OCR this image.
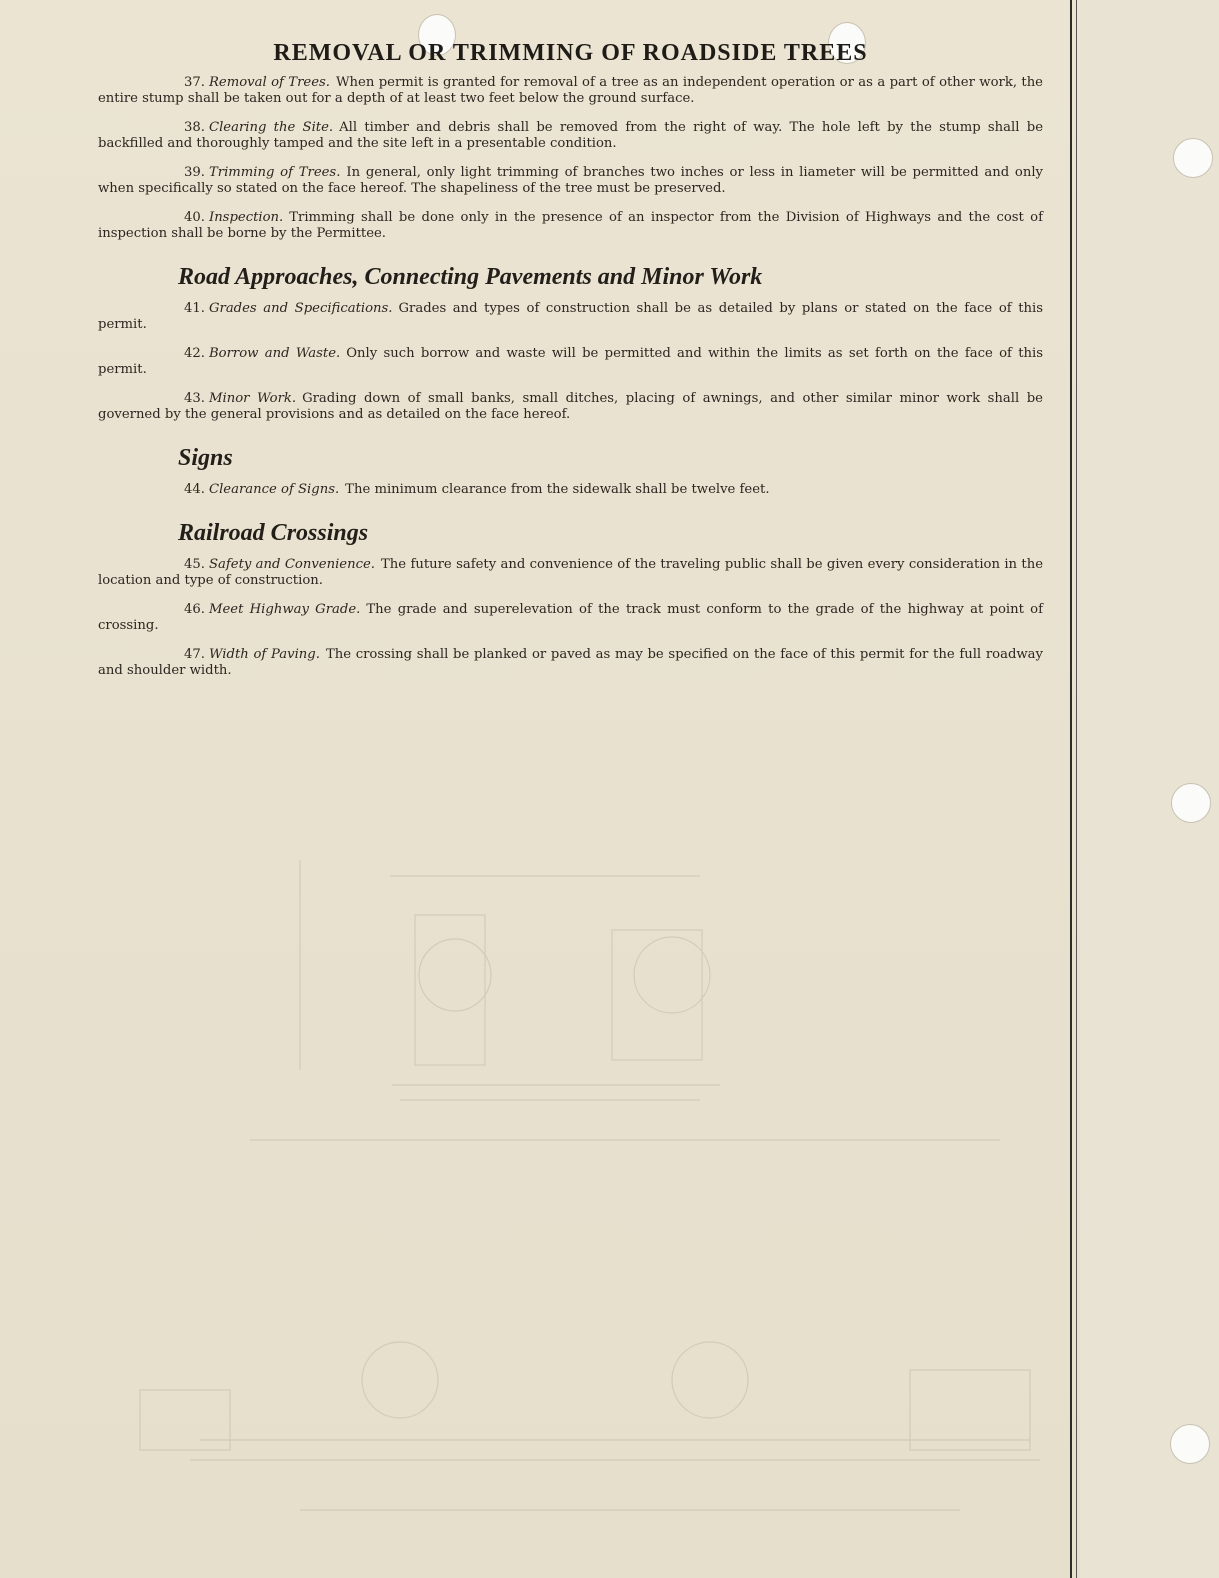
REMOVAL OR TRIMMING OF ROADSIDE TREES

37. Removal of Trees. When permit is granted for removal of a tree as an independent operation or as a part of other work, the entire stump shall be taken out for a depth of at least two feet below the ground surface.

38. Clearing the Site. All timber and debris shall be removed from the right of way. The hole left by the stump shall be backfilled and thoroughly tamped and the site left in a presentable condition.

39. Trimming of Trees. In general, only light trimming of branches two inches or less in liameter will be permitted and only when specifically so stated on the face hereof. The shapeliness of the tree must be preserved.

40. Inspection. Trimming shall be done only in the presence of an inspector from the Division of Highways and the cost of inspection shall be borne by the Permittee.

Road Approaches, Connecting Pavements and Minor Work

41. Grades and Specifications. Grades and types of construction shall be as detailed by plans or stated on the face of this permit.

42. Borrow and Waste. Only such borrow and waste will be permitted and within the limits as set forth on the face of this permit.

43. Minor Work. Grading down of small banks, small ditches, placing of awnings, and other similar minor work shall be governed by the general provisions and as detailed on the face hereof.

Signs

44. Clearance of Signs. The minimum clearance from the sidewalk shall be twelve feet.

Railroad Crossings

45. Safety and Convenience. The future safety and convenience of the traveling public shall be given every consideration in the location and type of construction.

46. Meet Highway Grade. The grade and superelevation of the track must conform to the grade of the highway at point of crossing.

47. Width of Paving. The crossing shall be planked or paved as may be specified on the face of this permit for the full roadway and shoulder width.
